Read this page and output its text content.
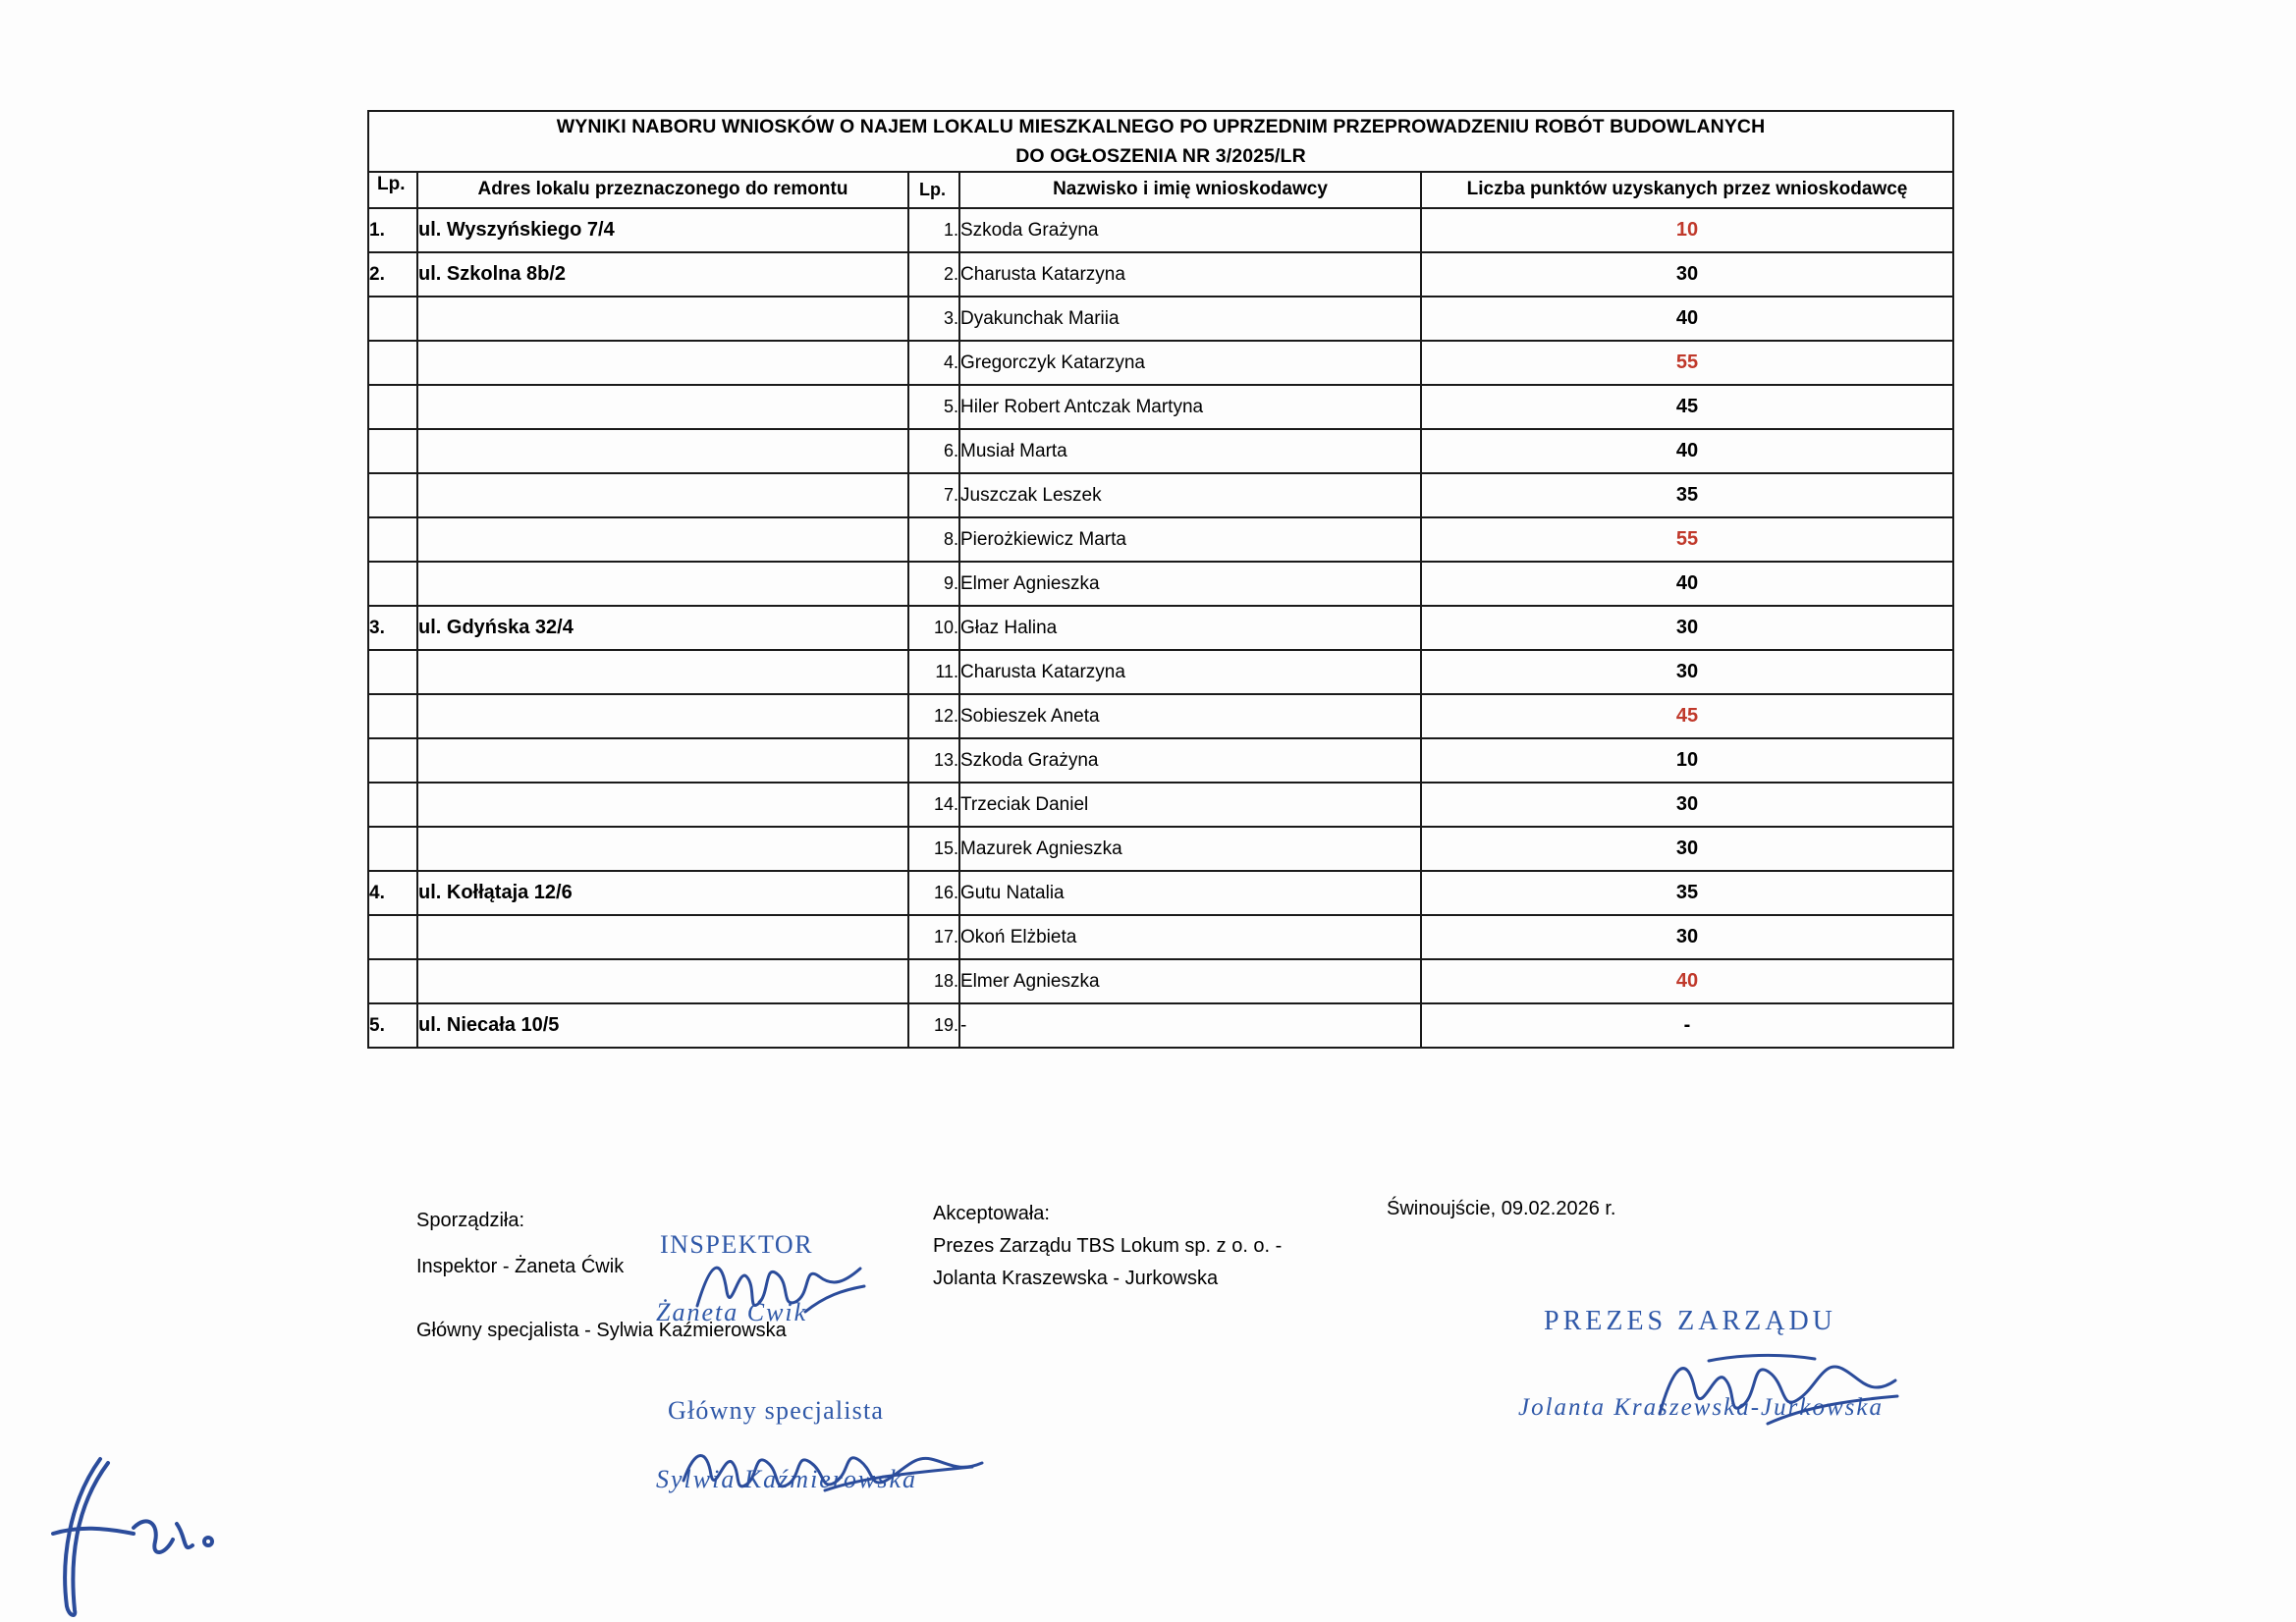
WYNIKI NABORU WNIOSKÓW O NAJEM LOKALU MIESZKALNEGO PO UPRZEDNIM PRZEPROWADZENIU ROBÓT BUDOWLANYCH
DO OGŁOSZENIA NR 3/2025/LR				

Lp.	Adres lokalu przeznaczonego do remontu	Lp.	Nazwisko i imię wnioskodawcy	Liczba punktów uzyskanych przez wnioskodawcę
1.	ul. Wyszyńskiego 7/4	1.	Szkoda Grażyna	10
2.	ul. Szkolna 8b/2	2.	Charusta Katarzyna	30
		3.	Dyakunchak Mariia	40
		4.	Gregorczyk Katarzyna	55
		5.	Hiler Robert Antczak Martyna	45
		6.	Musiał Marta	40
		7.	Juszczak Leszek	35
		8.	Pierożkiewicz Marta	55
		9.	Elmer Agnieszka	40
3.	ul. Gdyńska 32/4	10.	Głaz Halina	30
		11.	Charusta Katarzyna	30
		12.	Sobieszek Aneta	45
		13.	Szkoda Grażyna	10
		14.	Trzeciak Daniel	30
		15.	Mazurek Agnieszka	30
4.	ul. Kołłątaja 12/6	16.	Gutu Natalia	35
		17.	Okoń Elżbieta	30
		18.	Elmer Agnieszka	40
5.	ul. Niecała 10/5	19.	-	-
Sporządziła:
Inspektor - Żaneta Ćwik
Główny specjalista - Sylwia Kaźmierowska
Akceptowała:
Prezes Zarządu TBS Lokum sp. z o. o. -
Jolanta Kraszewska - Jurkowska
Świnoujście, 09.02.2026 r.
INSPEKTOR
Żaneta Ćwik
Główny specjalista
Sylwia Kaźmierowska
PREZES ZARZĄDU
Jolanta Kraszewska-Jurkowska
